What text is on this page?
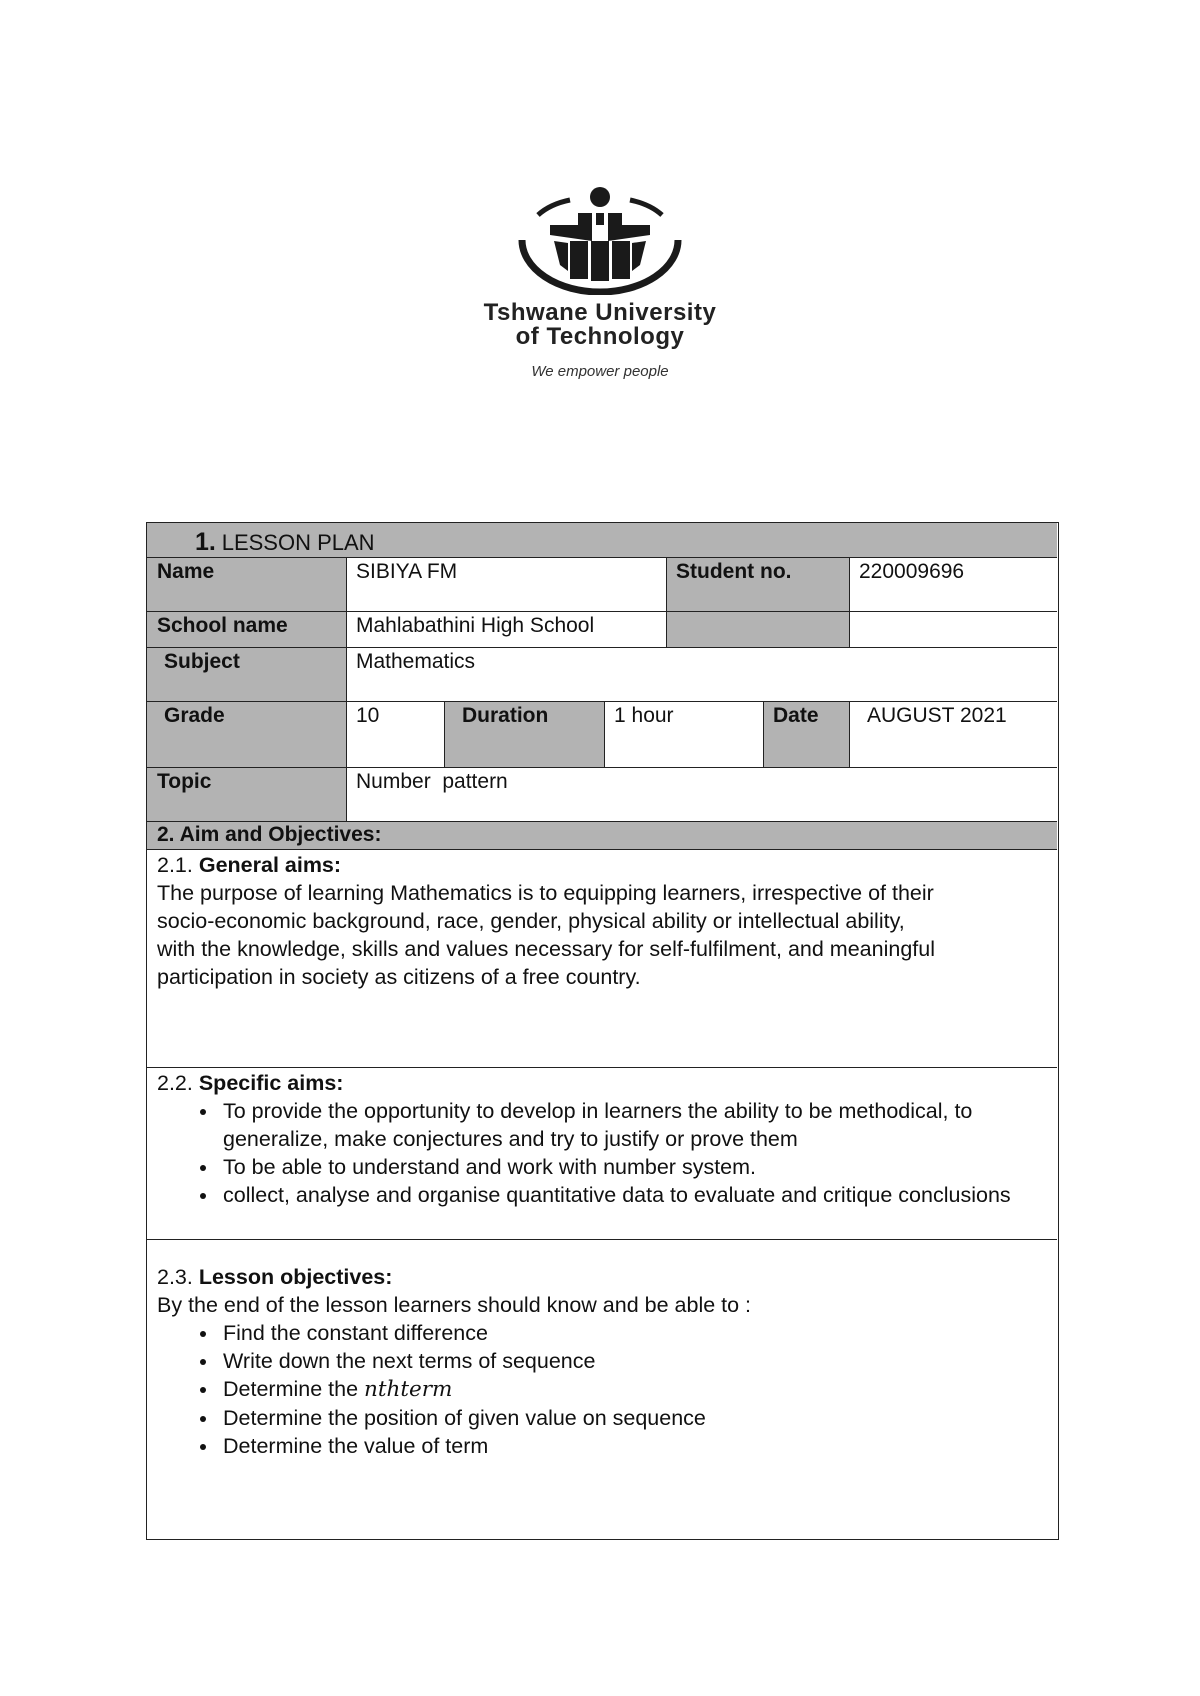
Tshwane University
of Technology
We empower people
1. LESSON PLAN
Name	SIBIYA FM	Student no.	220009696
School name	Mahlabathini High School
Subject	Mathematics
Grade	10	Duration	1 hour	Date	AUGUST 2021
Topic	Number  pattern
2. Aim and Objectives:
2.1. General aims:
The purpose of learning Mathematics is to equipping learners, irrespective of their
socio-economic background, race, gender, physical ability or intellectual ability,
with the knowledge, skills and values necessary for self-fulfilment, and meaningful
participation in society as citizens of a free country.
2.2. Specific aims:
• To provide the opportunity to develop in learners the ability to be methodical, to generalize, make conjectures and try to justify or prove them
• To be able to understand and work with number system.
• collect, analyse and organise quantitative data to evaluate and critique conclusions
2.3. Lesson objectives:
By the end of the lesson learners should know and be able to :
• Find the constant difference
• Write down the next terms of sequence
• Determine the nthterm
• Determine the position of given value on sequence
• Determine the value of term
